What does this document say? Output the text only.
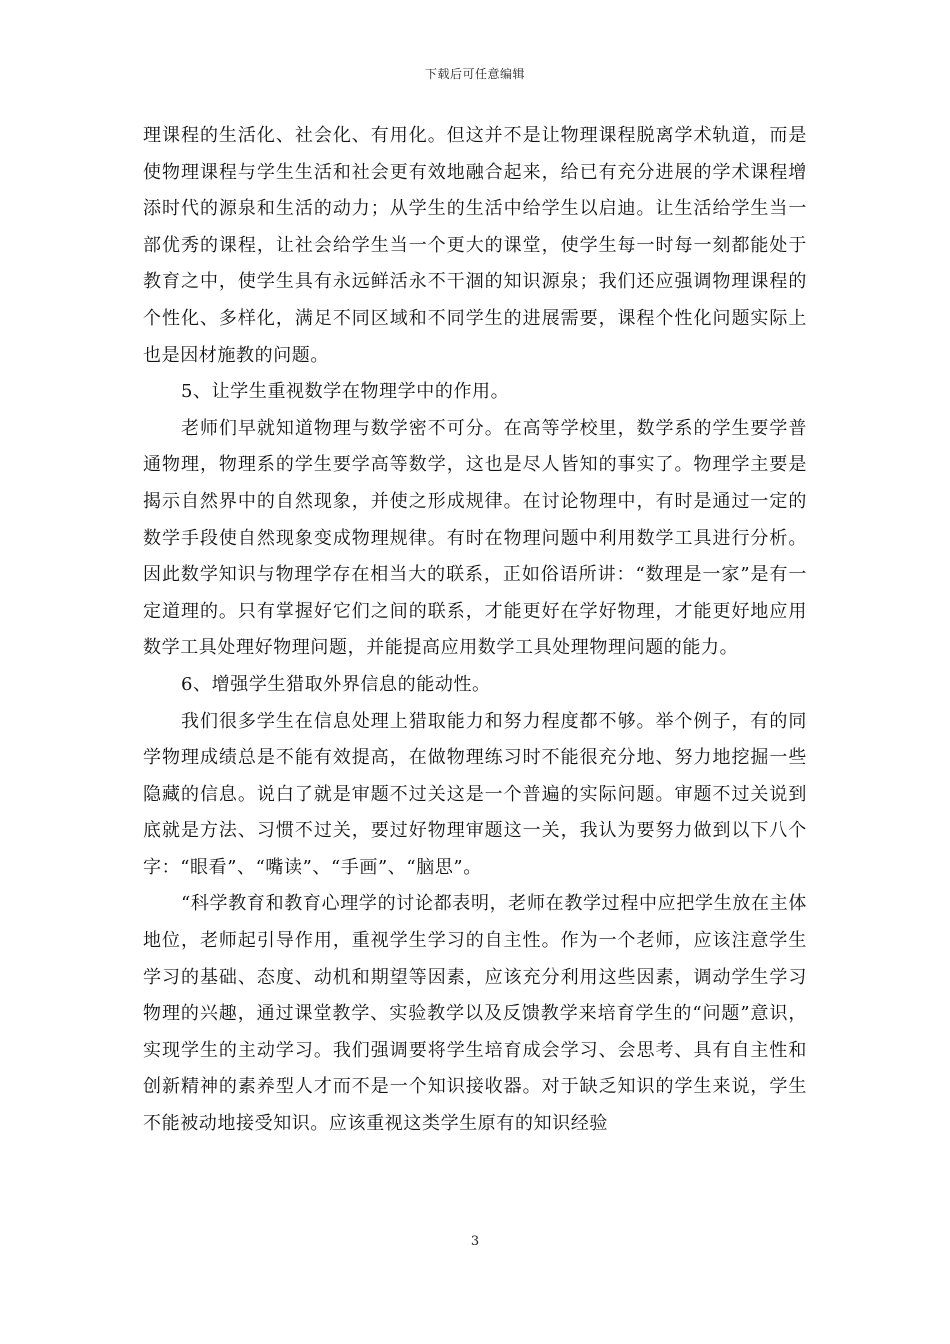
下载后可任意编辑

理课程的生活化、社会化、有用化。但这并不是让物理课程脱离学术轨道，而是使物理课程与学生生活和社会更有效地融合起来，给已有充分进展的学术课程增添时代的源泉和生活的动力；从学生的生活中给学生以启迪。让生活给学生当一部优秀的课程，让社会给学生当一个更大的课堂，使学生每一时每一刻都能处于教育之中，使学生具有永远鲜活永不干涸的知识源泉；我们还应强调物理课程的个性化、多样化，满足不同区域和不同学生的进展需要，课程个性化问题实际上也是因材施教的问题。

5、让学生重视数学在物理学中的作用。

老师们早就知道物理与数学密不可分。在高等学校里，数学系的学生要学普通物理，物理系的学生要学高等数学，这也是尽人皆知的事实了。物理学主要是揭示自然界中的自然现象，并使之形成规律。在讨论物理中，有时是通过一定的数学手段使自然现象变成物理规律。有时在物理问题中利用数学工具进行分析。因此数学知识与物理学存在相当大的联系，正如俗语所讲：“数理是一家”是有一定道理的。只有掌握好它们之间的联系，才能更好在学好物理，才能更好地应用数学工具处理好物理问题，并能提高应用数学工具处理物理问题的能力。

6、增强学生猎取外界信息的能动性。

我们很多学生在信息处理上猎取能力和努力程度都不够。举个例子，有的同学物理成绩总是不能有效提高，在做物理练习时不能很充分地、努力地挖掘一些隐藏的信息。说白了就是审题不过关这是一个普遍的实际问题。审题不过关说到底就是方法、习惯不过关，要过好物理审题这一关，我认为要努力做到以下八个字：“眼看”、“嘴读”、“手画”、“脑思”。

“科学教育和教育心理学的讨论都表明，老师在教学过程中应把学生放在主体地位，老师起引导作用，重视学生学习的自主性。作为一个老师，应该注意学生学习的基础、态度、动机和期望等因素，应该充分利用这些因素，调动学生学习物理的兴趣，通过课堂教学、实验教学以及反馈教学来培育学生的“问题”意识，实现学生的主动学习。我们强调要将学生培育成会学习、会思考、具有自主性和创新精神的素养型人才而不是一个知识接收器。对于缺乏知识的学生来说，学生不能被动地接受知识。应该重视这类学生原有的知识经验

3
